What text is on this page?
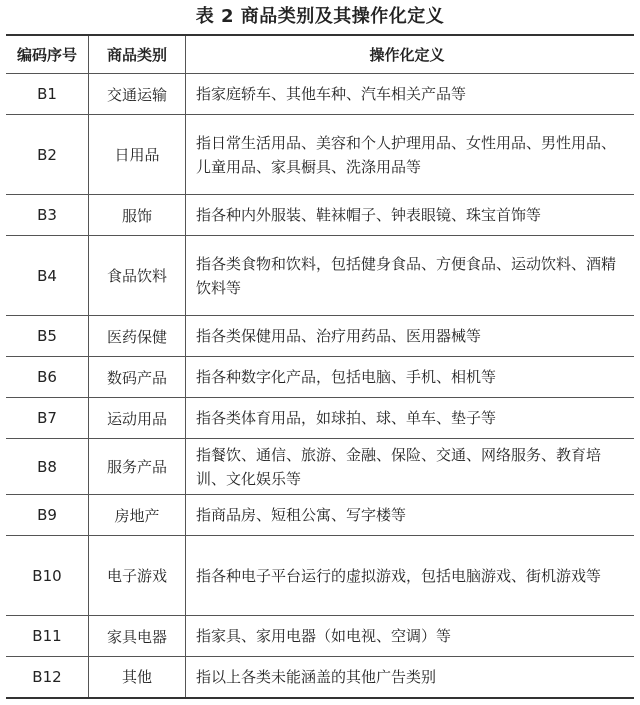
表 2 商品类别及其操作化定义
编码序号	商品类别	操作化定义
B1	交通运输	指家庭轿车、其他车种、汽车相关产品等
B2	日用品	指日常生活用品、美容和个人护理用品、女性用品、男性用品、儿童用品、家具橱具、洗涤用品等
B3	服饰	指各种内外服装、鞋袜帽子、钟表眼镜、珠宝首饰等
B4	食品饮料	指各类食物和饮料，包括健身食品、方便食品、运动饮料、酒精饮料等
B5	医药保健	指各类保健用品、治疗用药品、医用器械等
B6	数码产品	指各种数字化产品，包括电脑、手机、相机等
B7	运动用品	指各类体育用品，如球拍、球、单车、垫子等
B8	服务产品	指餐饮、通信、旅游、金融、保险、交通、网络服务、教育培训、文化娱乐等
B9	房地产	指商品房、短租公寓、写字楼等
B10	电子游戏	指各种电子平台运行的虚拟游戏，包括电脑游戏、街机游戏等
B11	家具电器	指家具、家用电器（如电视、空调）等
B12	其他	指以上各类未能涵盖的其他广告类别
